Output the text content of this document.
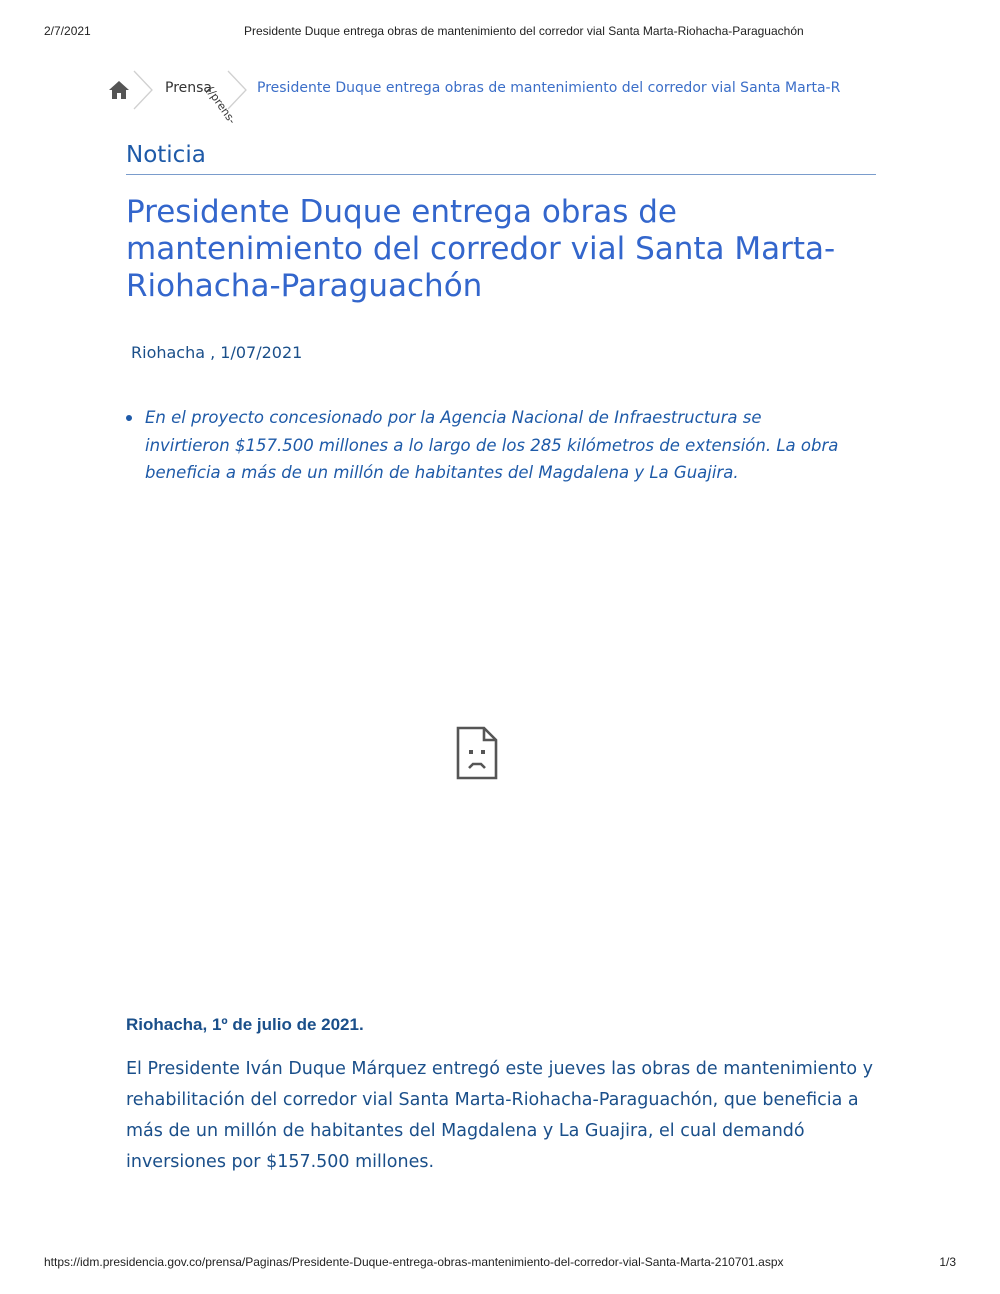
2/7/2021	Presidente Duque entrega obras de mantenimiento del corredor vial Santa Marta-Riohacha-Paraguachón
Prensa
(/prens- Presidente Duque entrega obras de mantenimiento del corredor vial Santa Marta-R
Noticia
Presidente Duque entrega obras de mantenimiento del corredor vial Santa Marta-Riohacha-Paraguachón
Riohacha , 1/07/2021
En el proyecto concesionado por la Agencia Nacional de Infraestructura se invirtieron $157.500 millones a lo largo de los 285 kilómetros de extensión. La obra beneficia a más de un millón de habitantes del Magdalena y La Guajira.
Riohacha, 1º de julio de 2021.

El Presidente Iván Duque Márquez entregó este jueves las obras de mantenimiento y rehabilitación del corredor vial Santa Marta-Riohacha-Paraguachón, que beneficia a más de un millón de habitantes del Magdalena y La Guajira, el cual demandó inversiones por $157.500 millones.

https://idm.presidencia.gov.co/prensa/Paginas/Presidente-Duque-entrega-obras-mantenimiento-del-corredor-vial-Santa-Marta-210701.aspx	1/3
